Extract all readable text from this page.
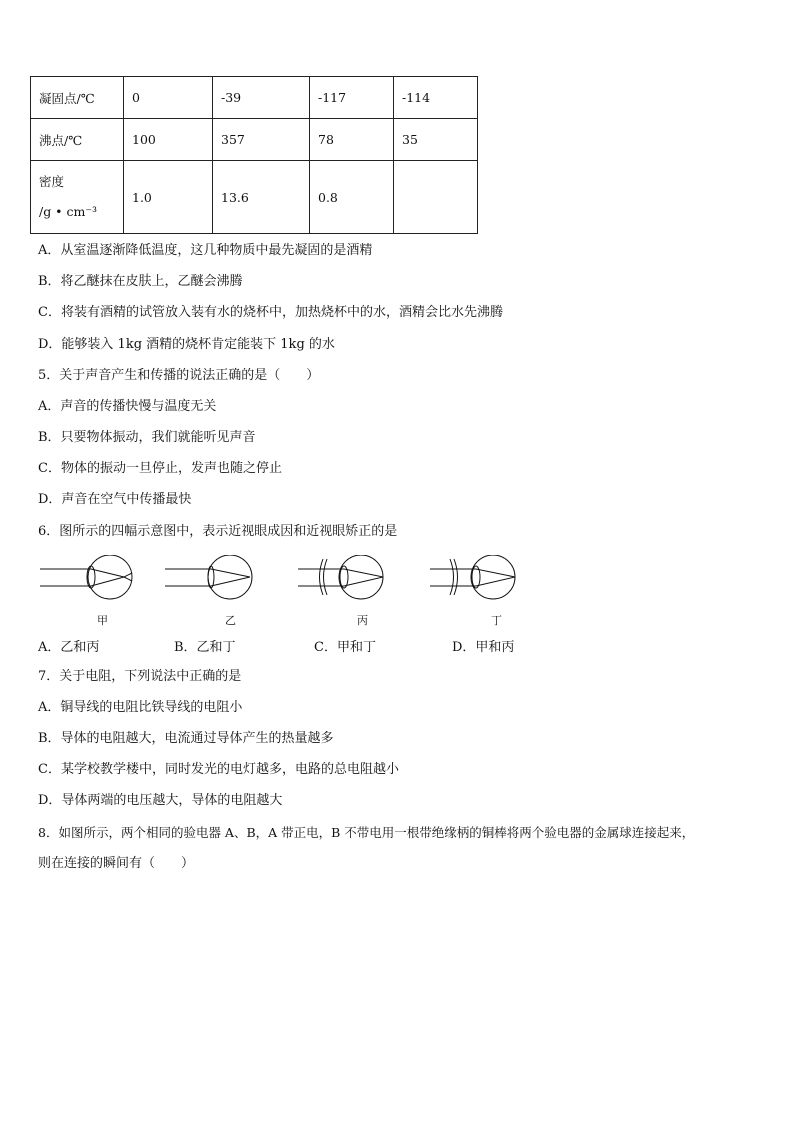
凝固点/℃	0	-39	-117	-114
沸点/℃	100	357	78	35

密度
/g • cm⁻³	1.0	13.6	0.8	
A．从室温逐渐降低温度，这几种物质中最先凝固的是酒精
B．将乙醚抹在皮肤上，乙醚会沸腾
C．将装有酒精的试管放入装有水的烧杯中，加热烧杯中的水，酒精会比水先沸腾
D．能够装入 1kg 酒精的烧杯肯定能装下 1kg 的水
5．关于声音产生和传播的说法正确的是（　　）
A．声音的传播快慢与温度无关
B．只要物体振动，我们就能听见声音
C．物体的振动一旦停止，发声也随之停止
D．声音在空气中传播最快
6．图所示的四幅示意图中，表示近视眼成因和近视眼矫正的是
甲	乙	丙	丁
A．乙和丙	B．乙和丁	C．甲和丁	D．甲和丙
7．关于电阻，下列说法中正确的是
A．铜导线的电阻比铁导线的电阻小
B．导体的电阻越大，电流通过导体产生的热量越多
C．某学校教学楼中，同时发光的电灯越多，电路的总电阻越小
D．导体两端的电压越大，导体的电阻越大
8．如图所示，两个相同的验电器 A、B，A 带正电，B 不带电用一根带绝缘柄的铜棒将两个验电器的金属球连接起来，
则在连接的瞬间有（　　）
